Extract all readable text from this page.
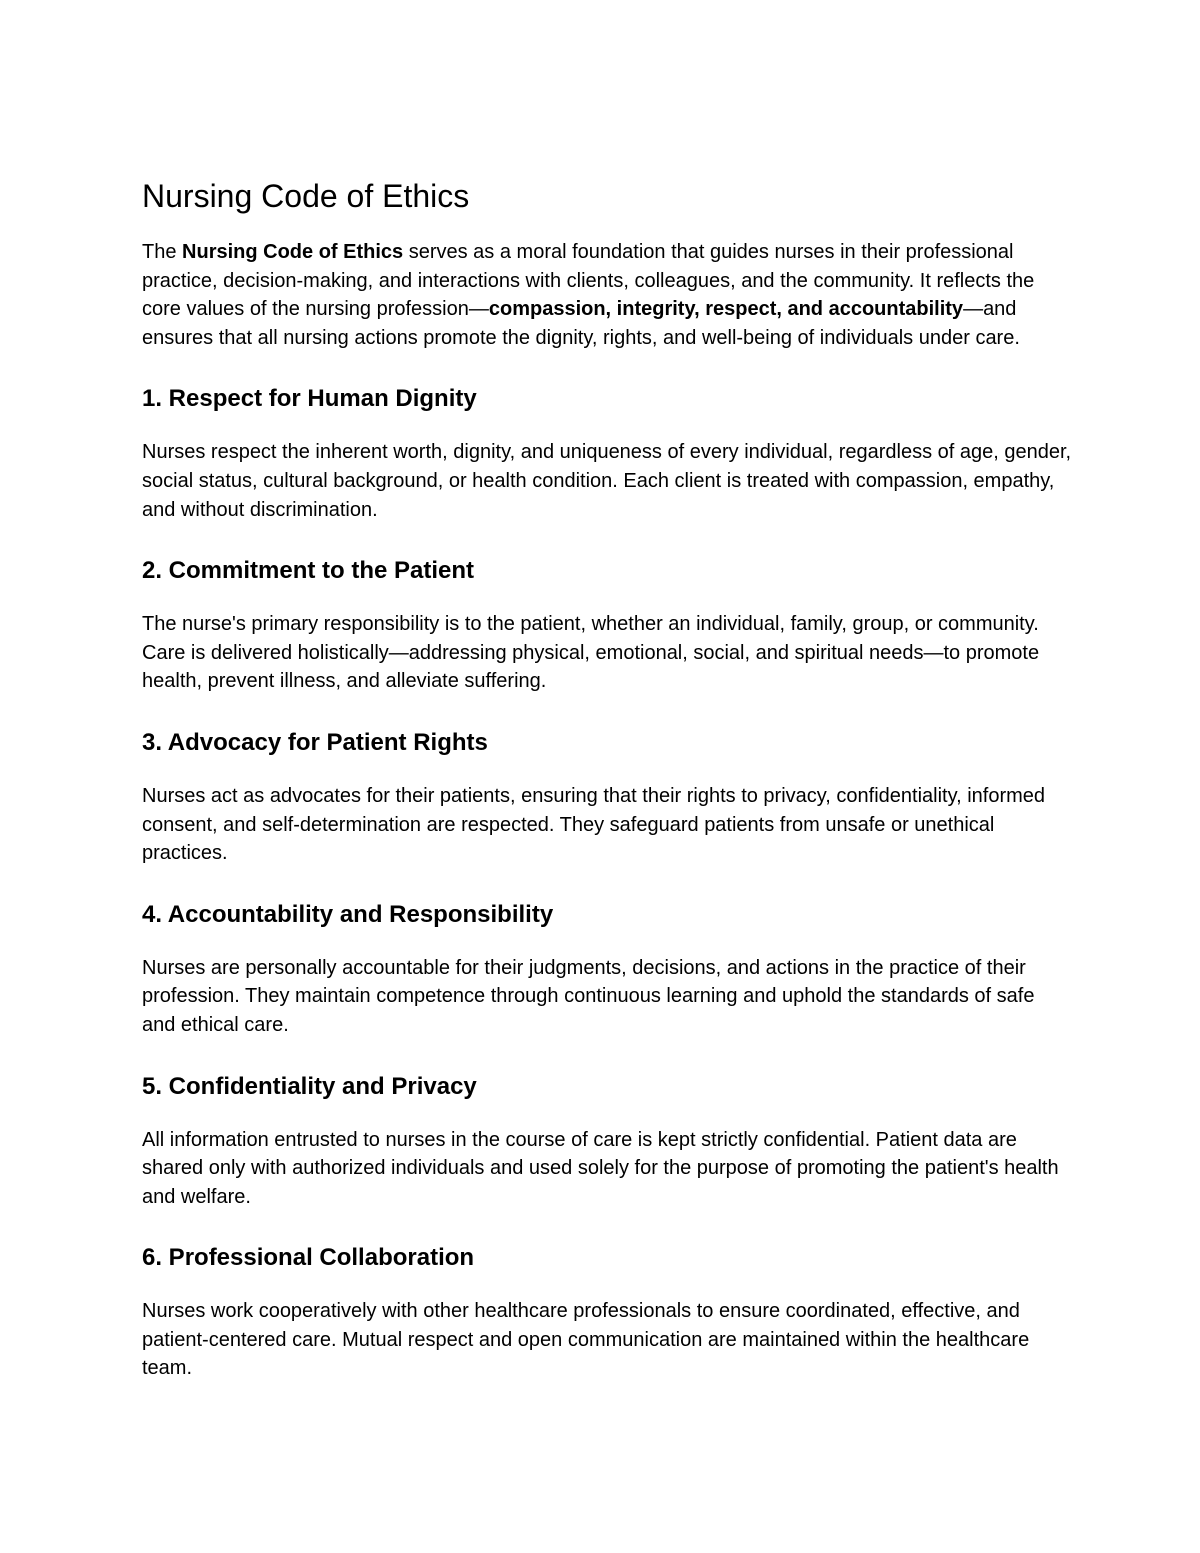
Nursing Code of Ethics

The Nursing Code of Ethics serves as a moral foundation that guides nurses in their professional practice, decision-making, and interactions with clients, colleagues, and the community. It reflects the core values of the nursing profession—compassion, integrity, respect, and accountability—and ensures that all nursing actions promote the dignity, rights, and well-being of individuals under care.

1. Respect for Human Dignity

Nurses respect the inherent worth, dignity, and uniqueness of every individual, regardless of age, gender, social status, cultural background, or health condition. Each client is treated with compassion, empathy, and without discrimination.

2. Commitment to the Patient

The nurse's primary responsibility is to the patient, whether an individual, family, group, or community. Care is delivered holistically—addressing physical, emotional, social, and spiritual needs—to promote health, prevent illness, and alleviate suffering.

3. Advocacy for Patient Rights

Nurses act as advocates for their patients, ensuring that their rights to privacy, confidentiality, informed consent, and self-determination are respected. They safeguard patients from unsafe or unethical practices.

4. Accountability and Responsibility

Nurses are personally accountable for their judgments, decisions, and actions in the practice of their profession. They maintain competence through continuous learning and uphold the standards of safe and ethical care.

5. Confidentiality and Privacy

All information entrusted to nurses in the course of care is kept strictly confidential. Patient data are shared only with authorized individuals and used solely for the purpose of promoting the patient's health and welfare.

6. Professional Collaboration

Nurses work cooperatively with other healthcare professionals to ensure coordinated, effective, and patient-centered care. Mutual respect and open communication are maintained within the healthcare team.
